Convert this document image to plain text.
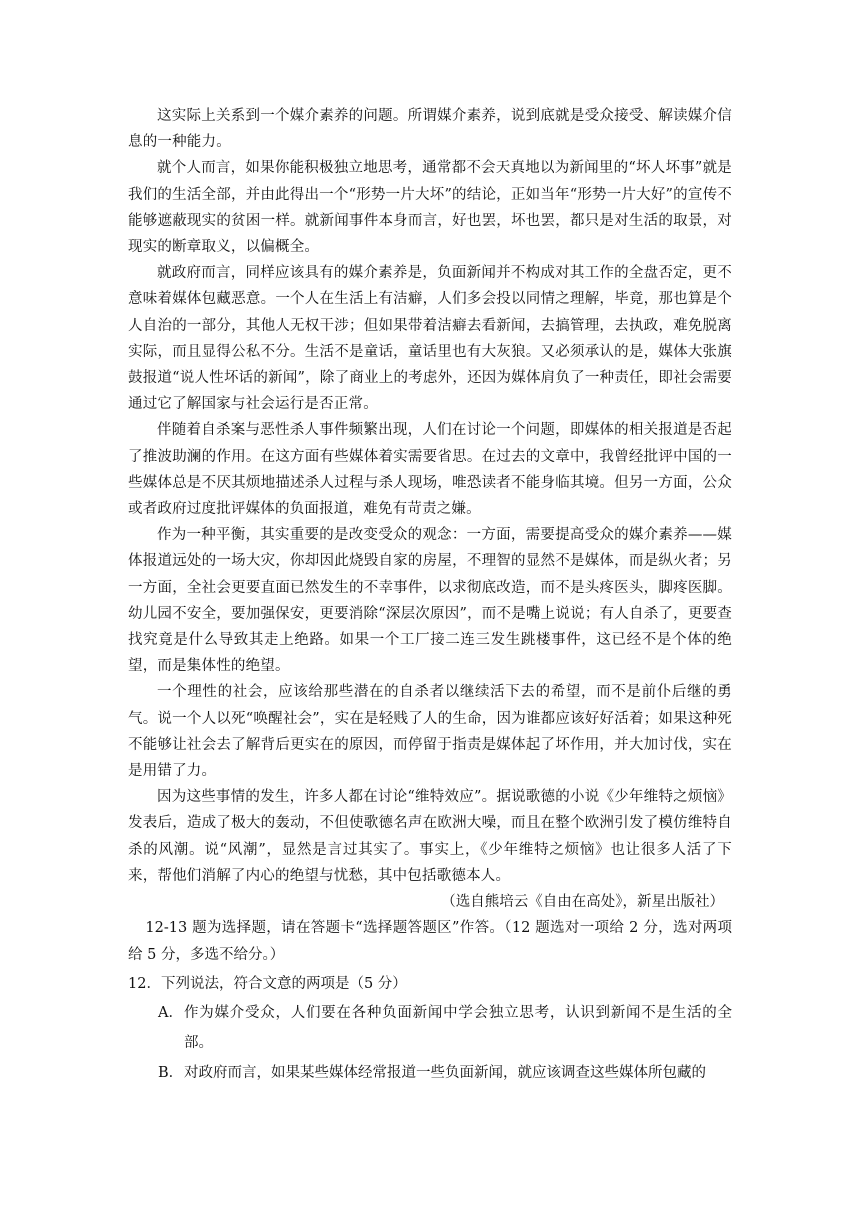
这实际上关系到一个媒介素养的问题。所谓媒介素养，说到底就是受众接受、解读媒介信息的一种能力。

就个人而言，如果你能积极独立地思考，通常都不会天真地以为新闻里的“坏人坏事”就是我们的生活全部，并由此得出一个“形势一片大坏”的结论，正如当年“形势一片大好”的宣传不能够遮蔽现实的贫困一样。就新闻事件本身而言，好也罢，坏也罢，都只是对生活的取景，对现实的断章取义，以偏概全。

就政府而言，同样应该具有的媒介素养是，负面新闻并不构成对其工作的全盘否定，更不意味着媒体包藏恶意。一个人在生活上有洁癖，人们多会投以同情之理解，毕竟，那也算是个人自治的一部分，其他人无权干涉；但如果带着洁癖去看新闻，去搞管理，去执政，难免脱离实际，而且显得公私不分。生活不是童话，童话里也有大灰狼。又必须承认的是，媒体大张旗鼓报道“说人性坏话的新闻”，除了商业上的考虑外，还因为媒体肩负了一种责任，即社会需要通过它了解国家与社会运行是否正常。

伴随着自杀案与恶性杀人事件频繁出现，人们在讨论一个问题，即媒体的相关报道是否起了推波助澜的作用。在这方面有些媒体着实需要省思。在过去的文章中，我曾经批评中国的一些媒体总是不厌其烦地描述杀人过程与杀人现场，唯恐读者不能身临其境。但另一方面，公众或者政府过度批评媒体的负面报道，难免有苛责之嫌。

作为一种平衡，其实重要的是改变受众的观念：一方面，需要提高受众的媒介素养——媒体报道远处的一场大灾，你却因此烧毁自家的房屋，不理智的显然不是媒体，而是纵火者；另一方面，全社会更要直面已然发生的不幸事件，以求彻底改造，而不是头疼医头，脚疼医脚。幼儿园不安全，要加强保安，更要消除“深层次原因”，而不是嘴上说说；有人自杀了，更要查找究竟是什么导致其走上绝路。如果一个工厂接二连三发生跳楼事件，这已经不是个体的绝望，而是集体性的绝望。

一个理性的社会，应该给那些潜在的自杀者以继续活下去的希望，而不是前仆后继的勇气。说一个人以死“唤醒社会”，实在是轻贱了人的生命，因为谁都应该好好活着；如果这种死不能够让社会去了解背后更实在的原因，而停留于指责是媒体起了坏作用，并大加讨伐，实在是用错了力。

因为这些事情的发生，许多人都在讨论“维特效应”。据说歌德的小说《少年维特之烦恼》发表后，造成了极大的轰动，不但使歌德名声在欧洲大噪，而且在整个欧洲引发了模仿维特自杀的风潮。说“风潮”，显然是言过其实了。事实上，《少年维特之烦恼》也让很多人活了下来，帮他们消解了内心的绝望与忧愁，其中包括歌德本人。

（选自熊培云《自由在高处》，新星出版社）

12-13 题为选择题，请在答题卡“选择题答题区”作答。（12 题选对一项给 2 分，选对两项给 5 分，多选不给分。）

12．下列说法，符合文意的两项是（5 分）

A． 作为媒介受众，人们要在各种负面新闻中学会独立思考，认识到新闻不是生活的全部。
B． 对政府而言，如果某些媒体经常报道一些负面新闻，就应该调查这些媒体所包藏的
